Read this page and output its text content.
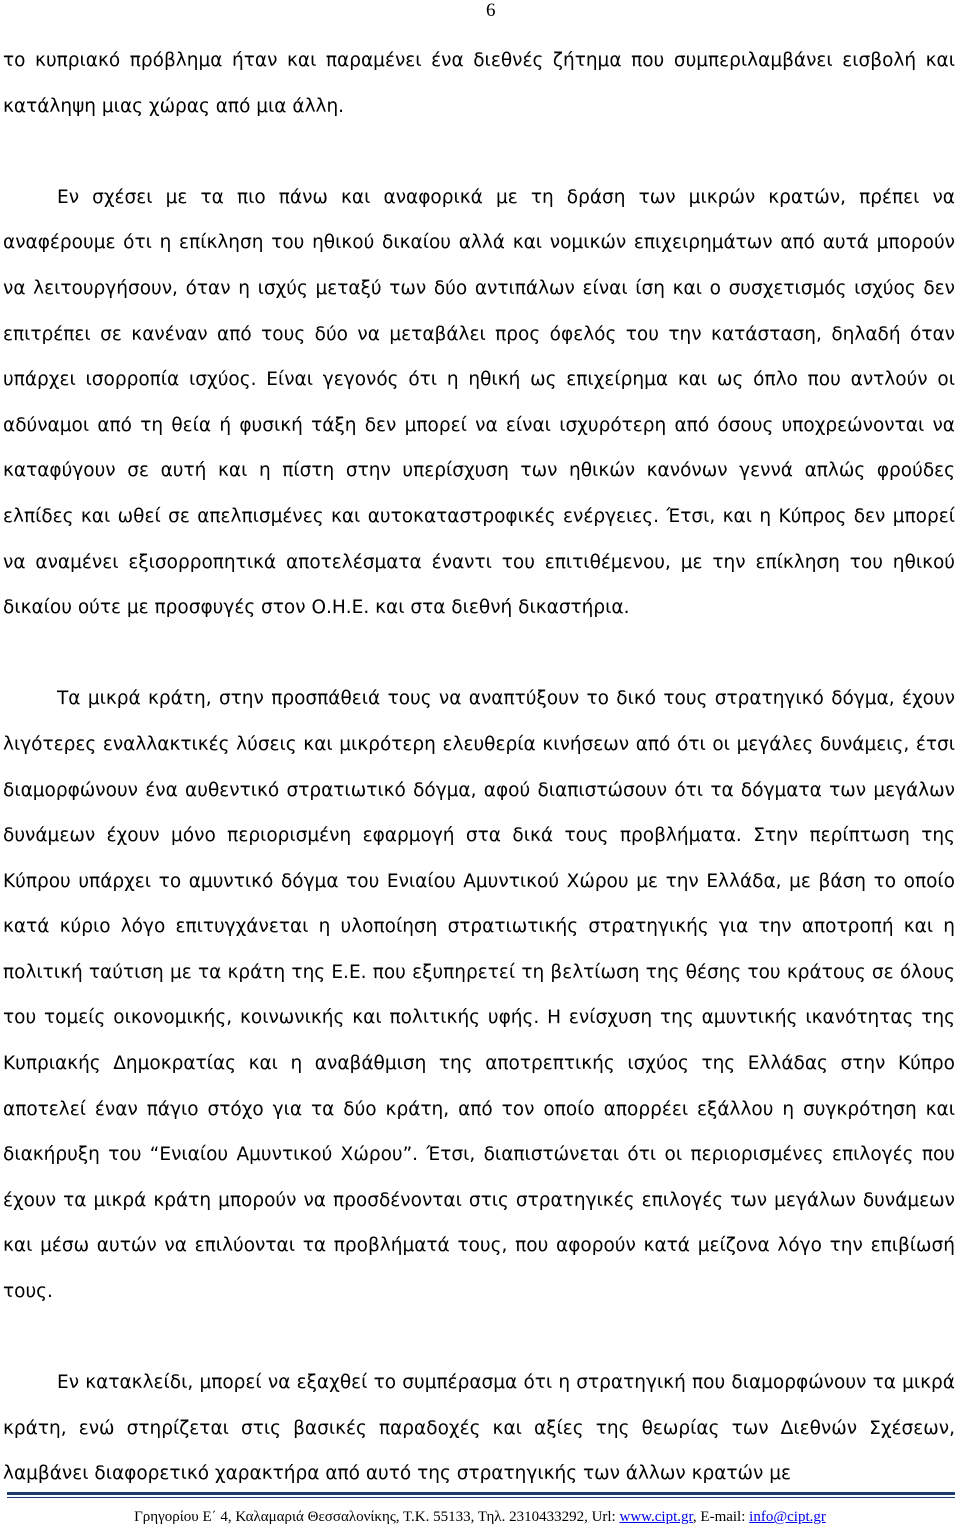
6

το κυπριακό πρόβλημα ήταν και παραμένει ένα διεθνές ζήτημα που συμπεριλαμβάνει εισβολή και κατάληψη μιας χώρας από μια άλλη.

Εν σχέσει με τα πιο πάνω και αναφορικά με τη δράση των μικρών κρατών, πρέπει να αναφέρουμε ότι η επίκληση του ηθικού δικαίου αλλά και νομικών επιχειρημάτων από αυτά μπορούν να λειτουργήσουν, όταν η ισχύς μεταξύ των δύο αντιπάλων είναι ίση και ο συσχετισμός ισχύος δεν επιτρέπει σε κανέναν από τους δύο να μεταβάλει προς όφελός του την κατάσταση, δηλαδή όταν υπάρχει ισορροπία ισχύος. Είναι γεγονός ότι η ηθική ως επιχείρημα και ως όπλο που αντλούν οι αδύναμοι από τη θεία ή φυσική τάξη δεν μπορεί να είναι ισχυρότερη από όσους υποχρεώνονται να καταφύγουν σε αυτή και η πίστη στην υπερίσχυση των ηθικών κανόνων γεννά απλώς φρούδες ελπίδες και ωθεί σε απελπισμένες και αυτοκαταστροφικές ενέργειες. Έτσι, και η Κύπρος δεν μπορεί να αναμένει εξισορροπητικά αποτελέσματα έναντι του επιτιθέμενου, με την επίκληση του ηθικού δικαίου ούτε με προσφυγές στον Ο.Η.Ε. και στα διεθνή δικαστήρια.

Τα μικρά κράτη, στην προσπάθειά τους να αναπτύξουν το δικό τους στρατηγικό δόγμα, έχουν λιγότερες εναλλακτικές λύσεις και μικρότερη ελευθερία κινήσεων από ότι οι μεγάλες δυνάμεις, έτσι διαμορφώνουν ένα αυθεντικό στρατιωτικό δόγμα, αφού διαπιστώσουν ότι τα δόγματα των μεγάλων δυνάμεων έχουν μόνο περιορισμένη εφαρμογή στα δικά τους προβλήματα. Στην περίπτωση της Κύπρου υπάρχει το αμυντικό δόγμα του Ενιαίου Αμυντικού Χώρου με την Ελλάδα, με βάση το οποίο κατά κύριο λόγο επιτυγχάνεται η υλοποίηση στρατιωτικής στρατηγικής για την αποτροπή και η πολιτική ταύτιση με τα κράτη της Ε.Ε. που εξυπηρετεί τη βελτίωση της θέσης του κράτους σε όλους του τομείς οικονομικής, κοινωνικής και πολιτικής υφής. Η ενίσχυση της αμυντικής ικανότητας της Κυπριακής Δημοκρατίας και η αναβάθμιση της αποτρεπτικής ισχύος της Ελλάδας στην Κύπρο αποτελεί έναν πάγιο στόχο για τα δύο κράτη, από τον οποίο απορρέει εξάλλου η συγκρότηση και διακήρυξη του “Ενιαίου Αμυντικού Χώρου”. Έτσι, διαπιστώνεται ότι οι περιορισμένες επιλογές που έχουν τα μικρά κράτη μπορούν να προσδένονται στις στρατηγικές επιλογές των μεγάλων δυνάμεων και μέσω αυτών να επιλύονται τα προβλήματά τους, που αφορούν κατά μείζονα λόγο την επιβίωσή τους.

Εν κατακλείδι, μπορεί να εξαχθεί το συμπέρασμα ότι η στρατηγική που διαμορφώνουν τα μικρά κράτη, ενώ στηρίζεται στις βασικές παραδοχές και αξίες της θεωρίας των Διεθνών Σχέσεων, λαμβάνει διαφορετικό χαρακτήρα από αυτό της στρατηγικής των άλλων κρατών με

Γρηγορίου Ε΄ 4, Καλαμαριά Θεσσαλονίκης, Τ.Κ. 55133, Τηλ. 2310433292, Url: www.cipt.gr, E-mail: info@cipt.gr
